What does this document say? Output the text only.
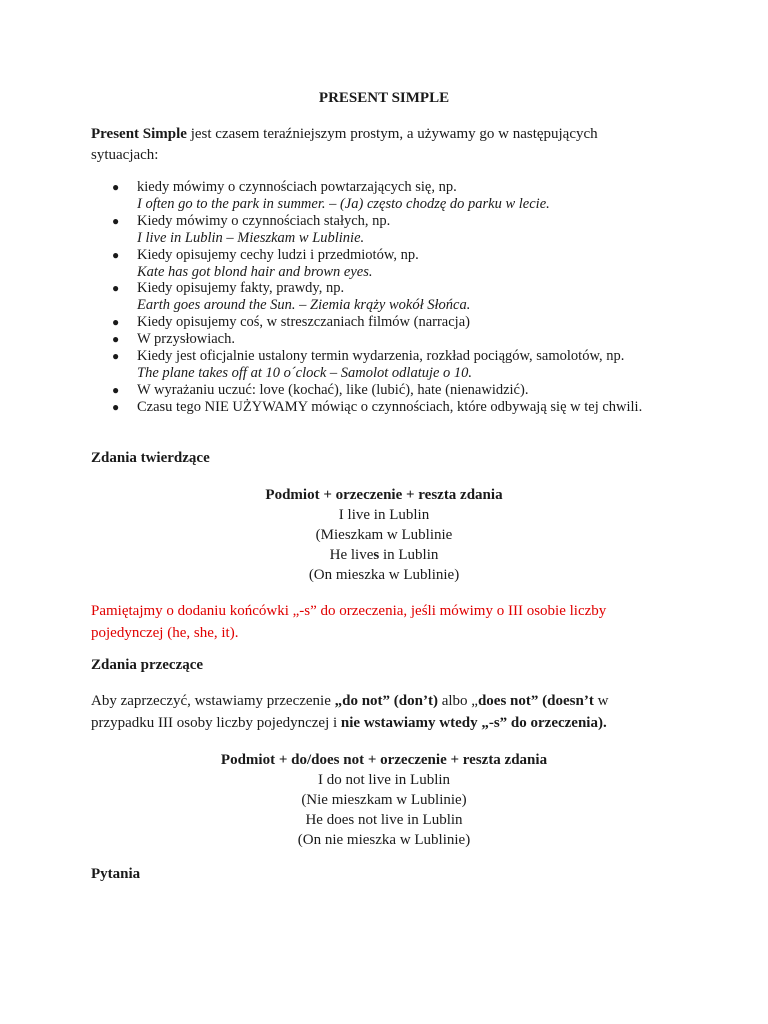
PRESENT SIMPLE
Present Simple jest czasem teraźniejszym prostym, a używamy go w następujących sytuacjach:
● kiedy mówimy o czynnościach powtarzających się, np.
I often go to the park in summer. – (Ja) często chodzę do parku w lecie.
● Kiedy mówimy o czynnościach stałych, np.
I live in Lublin – Mieszkam w Lublinie.
● Kiedy opisujemy cechy ludzi i przedmiotów, np.
Kate has got blond hair and brown eyes.
● Kiedy opisujemy fakty, prawdy, np.
Earth goes around the Sun. – Ziemia krąży wokół Słońca.
● Kiedy opisujemy coś, w streszczaniach filmów (narracja)
● W przysłowiach.
● Kiedy jest oficjalnie ustalony termin wydarzenia, rozkład pociągów, samolotów, np.
The plane takes off at 10 o´clock – Samolot odlatuje o 10.
● W wyrażaniu uczuć: love (kochać), like (lubić), hate (nienawidzić).
● Czasu tego NIE UŻYWAMY mówiąc o czynnościach, które odbywają się w tej chwili.
Zdania twierdzące
Podmiot + orzeczenie + reszta zdania
I live in Lublin
(Mieszkam w Lublinie
He lives in Lublin
(On mieszka w Lublinie)
Pamiętajmy o dodaniu końcówki „-s” do orzeczenia, jeśli mówimy o III osobie liczby pojedynczej (he, she, it).
Zdania przeczące
Aby zaprzeczyć, wstawiamy przeczenie „do not” (don’t) albo „does not” (doesn’t w przypadku III osoby liczby pojedynczej i nie wstawiamy wtedy „-s” do orzeczenia).
Podmiot + do/does not + orzeczenie + reszta zdania
I do not live in Lublin
(Nie mieszkam w Lublinie)
He does not live in Lublin
(On nie mieszka w Lublinie)
Pytania
